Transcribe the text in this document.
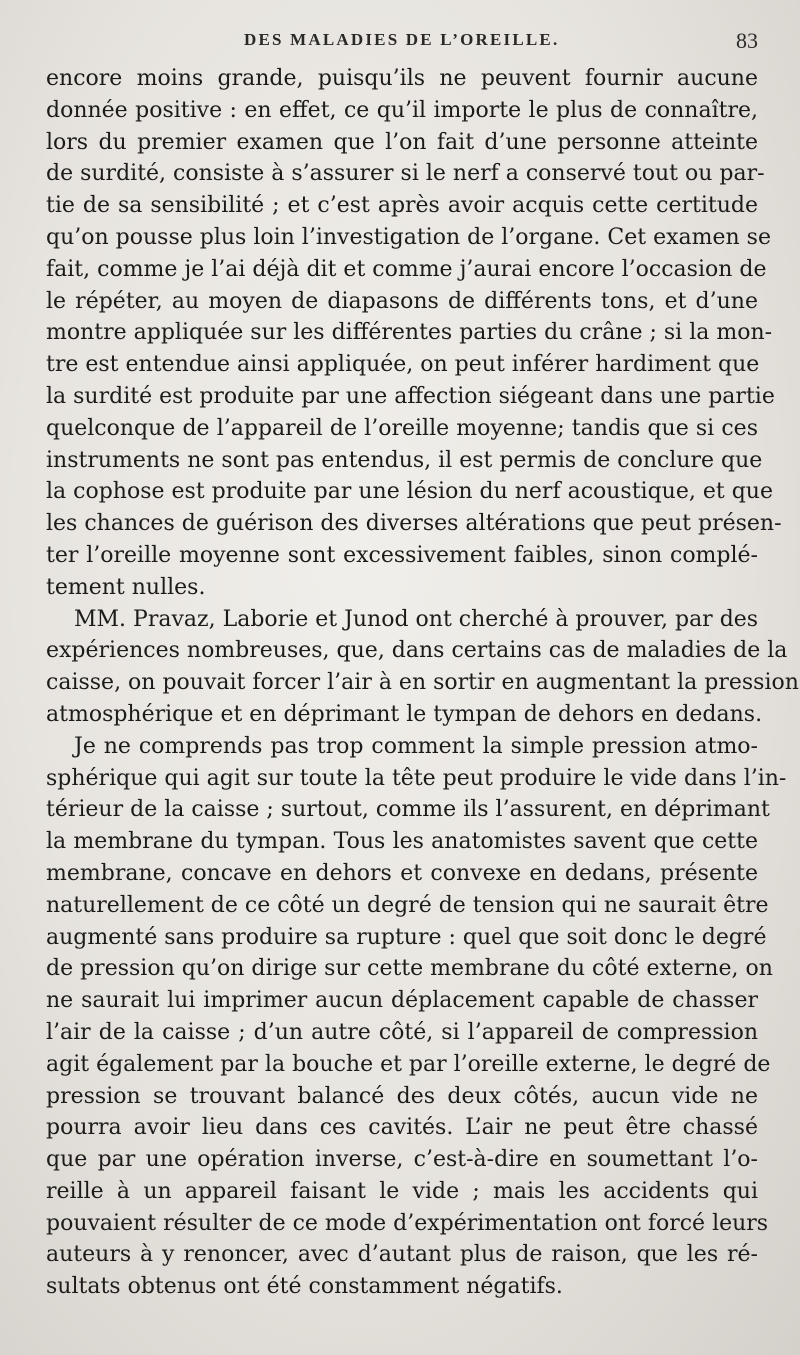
DES MALADIES DE L’OREILLE.	83
encore moins grande, puisqu’ils ne peuvent fournir aucune
donnée positive : en effet, ce qu’il importe le plus de connaître,
lors du premier examen que l’on fait d’une personne atteinte
de surdité, consiste à s’assurer si le nerf a conservé tout ou par-
tie de sa sensibilité ; et c’est après avoir acquis cette certitude
qu’on pousse plus loin l’investigation de l’organe. Cet examen se
fait, comme je l’ai déjà dit et comme j’aurai encore l’occasion de
le répéter, au moyen de diapasons de différents tons, et d’une
montre appliquée sur les différentes parties du crâne ; si la mon-
tre est entendue ainsi appliquée, on peut inférer hardiment que
la surdité est produite par une affection siégeant dans une partie
quelconque de l’appareil de l’oreille moyenne; tandis que si ces
instruments ne sont pas entendus, il est permis de conclure que
la cophose est produite par une lésion du nerf acoustique, et que
les chances de guérison des diverses altérations que peut présen-
ter l’oreille moyenne sont excessivement faibles, sinon complé-
tement nulles.
MM. Pravaz, Laborie et Junod ont cherché à prouver, par des
expériences nombreuses, que, dans certains cas de maladies de la
caisse, on pouvait forcer l’air à en sortir en augmentant la pression
atmosphérique et en déprimant le tympan de dehors en dedans.
Je ne comprends pas trop comment la simple pression atmo-
sphérique qui agit sur toute la tête peut produire le vide dans l’in-
térieur de la caisse ; surtout, comme ils l’assurent, en déprimant
la membrane du tympan. Tous les anatomistes savent que cette
membrane, concave en dehors et convexe en dedans, présente
naturellement de ce côté un degré de tension qui ne saurait être
augmenté sans produire sa rupture : quel que soit donc le degré
de pression qu’on dirige sur cette membrane du côté externe, on
ne saurait lui imprimer aucun déplacement capable de chasser
l’air de la caisse ; d’un autre côté, si l’appareil de compression
agit également par la bouche et par l’oreille externe, le degré de
pression se trouvant balancé des deux côtés, aucun vide ne
pourra avoir lieu dans ces cavités. L’air ne peut être chassé
que par une opération inverse, c’est-à-dire en soumettant l’o-
reille à un appareil faisant le vide ; mais les accidents qui
pouvaient résulter de ce mode d’expérimentation ont forcé leurs
auteurs à y renoncer, avec d’autant plus de raison, que les ré-
sultats obtenus ont été constamment négatifs.
